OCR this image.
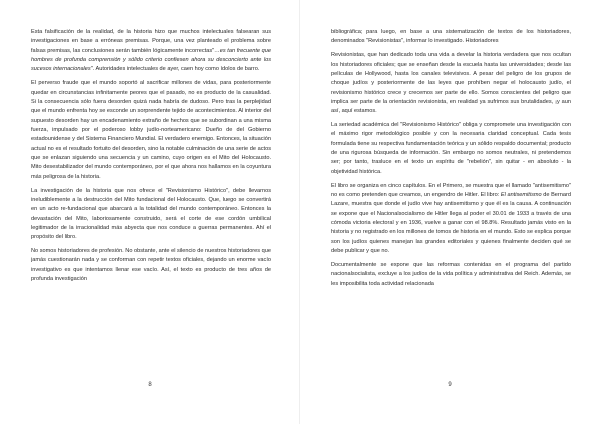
Esta falsificación de la realidad, de la historia hizo que muchos intelectuales falsearan sus investigaciones en base a erróneas premisas. Porque, una vez planteado el problema sobre falsas premisas, las conclusiones serán también lógicamente incorrectas"…es tan frecuente que hombres de profunda comprensión y sólido criterio confiesen ahora su desconcierto ante los sucesos internacionales". Autoridades intelectuales de ayer, caen hoy como ídolos de barro.

El perverso fraude que el mundo soportó al sacrificar millones de vidas, para posteriormente quedar en circunstancias infinitamente peores que el pasado, no es producto de la casualidad. Si la consecuencia sólo fuera desorden quizá nada habría de dudoso. Pero tras la perplejidad que el mundo enfrenta hoy se esconde un sorprendente tejido de acontecimientos. Al interior del supuesto desorden hay un encadenamiento extraño de hechos que se subordinan a una misma fuerza, impulsado por el poderoso lobby judío-norteamericano: Dueño de del Gobierno estadounidense y del Sistema Financiero Mundial. El verdadero enemigo. Entonces, la situación actual no es el resultado fortuito del desorden, sino la notable culminación de una serie de actos que se enlazan siguiendo una secuencia y un camino, cuyo origen es el Mito del Holocausto. Mito desestabilizador del mundo contemporáneo, por el que ahora nos hallamos en la coyuntura más peligrosa de la historia.

La investigación de la historia que nos ofrece el "Revisionismo Histórico", debe llevarnos ineludiblemente a la destrucción del Mito fundacional del Holocausto. Que, luego se convertirá en un acto re-fundacional que abarcará a la totalidad del mundo contemporáneo. Entonces la devastación del Mito, laboriosamente construido, será el corte de ese cordón umbilical legitimador de la irracionalidad más abyecta que nos conduce a guerras permanentes. Ahí el propósito del libro.

No somos historiadores de profesión. No obstante, ante el silencio de nuestros historiadores que jamás cuestionarán nada y se conforman con repetir textos oficiales, dejando un enorme vacío investigativo es que intentamos llenar ese vacío. Así, el texto es producto de tres años de profunda investigación

8

bibliográfica; para luego, en base a una sistematización de textos de los historiadores, denominados "Revisionistas", informar lo investigado. Historiadores

Revisionistas, que han dedicado toda una vida a develar la historia verdadera que nos ocultan los historiadores oficiales; que se enseñan desde la escuela hasta las universidades; desde las películas de Hollywood, hasta los canales televisivos. A pesar del peligro de los grupos de choque judíos y posteriormente de las leyes que prohíben negar el holocausto judío, el revisionismo histórico crece y crecemos ser parte de ello. Somos conscientes del peligro que implica ser parte de la orientación revisionista, en realidad ya sufrimos sus brutalidades, ¡y aun así, aquí estamos.

La seriedad académica del "Revisionismo Histórico" obliga y compromete una investigación con el máximo rigor metodológico posible y con la necesaria claridad conceptual. Cada tesis formulada tiene su respectiva fundamentación teórica y un sólido respaldo documental; producto de una rigurosa búsqueda de información. Sin embargo no somos neutrales, ni pretendemos ser; por tanto, trasluce en el texto un espíritu de "rebelión", sin quitar - en absoluto - la objetividad histórica.

El libro se organiza en cinco capítulos. En el Primero, se muestra que el llamado "antisemitismo" no es como pretenden que creamos, un engendro de Hitler. El libro: El antisemitismo de Bernard Lazare, muestra que donde el judío vive hay antisemitismo y que él es la causa. A continuación se expone que el Nacionalsocialismo de Hitler llega al poder el 30.01 de 1933 a través de una cómoda victoria electoral y en 1936, vuelve a ganar con el 98.8%. Resultado jamás visto en la historia y no registrado en los millones de tomos de historia en el mundo. Esto se explica porque son los judíos quienes manejan las grandes editoriales y quienes finalmente deciden qué se debe publicar y que no.

Documentalmente se expone que las reformas contenidas en el programa del partido nacionalsocialista, excluye a los judíos de la vida política y administrativa del Reich. Además, se les imposibilita toda actividad relacionada

9
